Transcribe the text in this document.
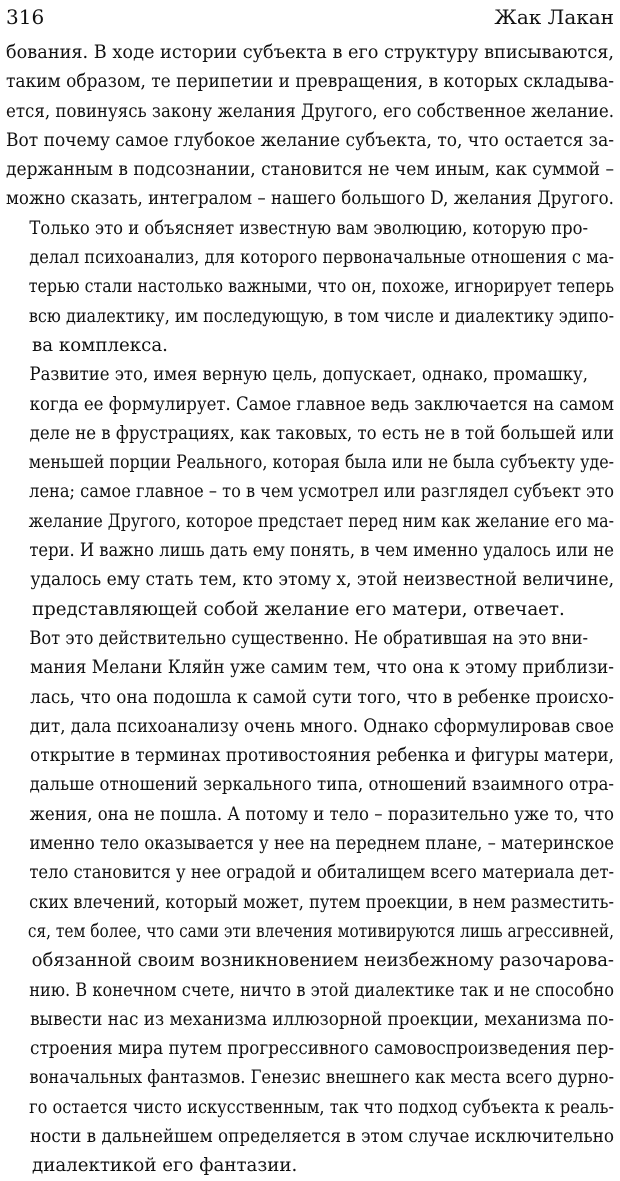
316	Жак Лакан

бования. В ходе истории субъекта в его структуру вписываются,
таким образом, те перипетии и превращения, в которых складыва-
ется, повинуясь закону желания Другого, его собственное желание.
Вот почему самое глубокое желание субъекта, то, что остается за-
держанным в подсознании, становится не чем иным, как суммой –
можно сказать, интегралом – нашего большого D, желания Другого.

Только это и объясняет известную вам эволюцию, которую про-
делал психоанализ, для которого первоначальные отношения с ма-
терью стали настолько важными, что он, похоже, игнорирует теперь
всю диалектику, им последующую, в том числе и диалектику эдипо-
ва комплекса.

Развитие это, имея верную цель, допускает, однако, промашку,
когда ее формулирует. Самое главное ведь заключается на самом
деле не в фрустрациях, как таковых, то есть не в той большей или
меньшей порции Реального, которая была или не была субъекту уде-
лена; самое главное – то в чем усмотрел или разглядел субъект это
желание Другого, которое предстает перед ним как желание его ма-
тери. И важно лишь дать ему понять, в чем именно удалось или не
удалось ему стать тем, кто этому x, этой неизвестной величине,
представляющей собой желание его матери, отвечает.

Вот это действительно существенно. Не обратившая на это вни-
мания Мелани Кляйн уже самим тем, что она к этому приблизи-
лась, что она подошла к самой сути того, что в ребенке происхо-
дит, дала психоанализу очень много. Однако сформулировав свое
открытие в терминах противостояния ребенка и фигуры матери,
дальше отношений зеркального типа, отношений взаимного отра-
жения, она не пошла. А потому и тело – поразительно уже то, что
именно тело оказывается у нее на переднем плане, – материнское
тело становится у нее оградой и обиталищем всего материала дет-
ских влечений, который может, путем проекции, в нем разместить-
ся, тем более, что сами эти влечения мотивируются лишь агрессивней,
обязанной своим возникновением неизбежному разочарова-
нию. В конечном счете, ничто в этой диалектике так и не способно
вывести нас из механизма иллюзорной проекции, механизма по-
строения мира путем прогрессивного самовоспроизведения пер-
воначальных фантазмов. Генезис внешнего как места всего дурно-
го остается чисто искусственным, так что подход субъекта к реаль-
ности в дальнейшем определяется в этом случае исключительно
диалектикой его фантазии.
